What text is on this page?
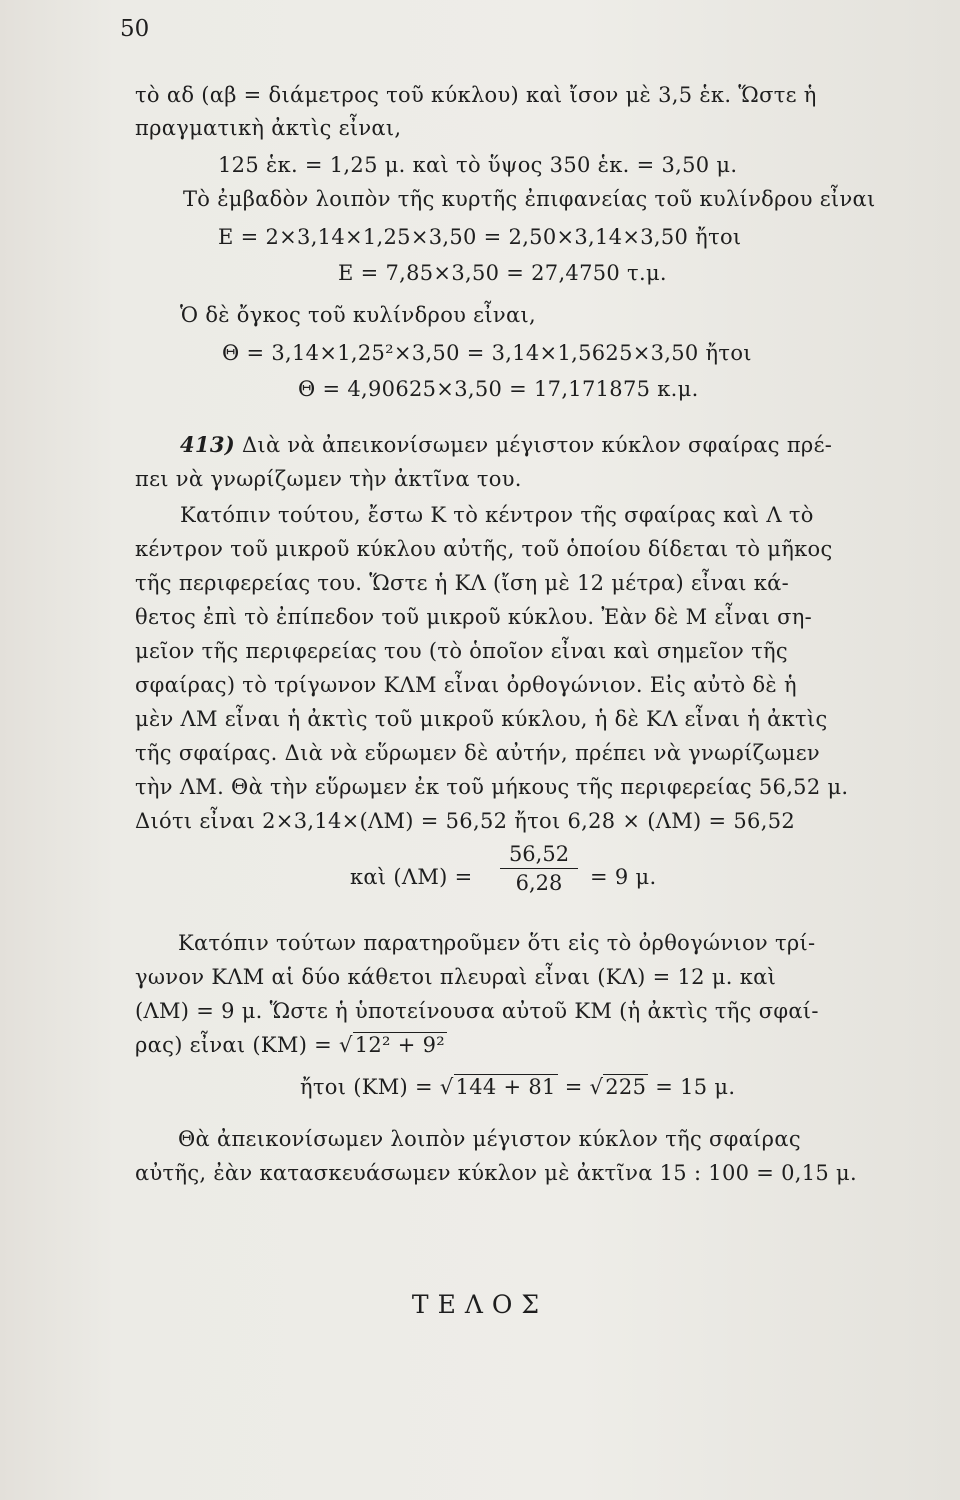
50
τὸ αδ (αβ = διάμετρος τοῦ κύκλου) καὶ ἴσον μὲ 3,5 ἑκ. Ὥστε ἡ
πραγματικὴ ἀκτὶς εἶναι,
125 ἑκ. = 1,25 μ. καὶ τὸ ὕψος 350 ἑκ. = 3,50 μ.
Τὸ ἐμβαδὸν λοιπὸν τῆς κυρτῆς ἐπιφανείας τοῦ κυλίνδρου εἶναι
Ε = 2×3,14×1,25×3,50 = 2,50×3,14×3,50 ἤτοι
Ε = 7,85×3,50 = 27,4750 τ.μ.
Ὁ δὲ ὄγκος τοῦ κυλίνδρου εἶναι,
Θ = 3,14×1,25²×3,50 = 3,14×1,5625×3,50 ἤτοι
Θ = 4,90625×3,50 = 17,171875 κ.μ.
413) Διὰ νὰ ἀπεικονίσωμεν μέγιστον κύκλον σφαίρας πρέ-
πει νὰ γνωρίζωμεν τὴν ἀκτῖνα του.
Κατόπιν τούτου, ἔστω Κ τὸ κέντρον τῆς σφαίρας καὶ Λ τὸ
κέντρον τοῦ μικροῦ κύκλου αὐτῆς, τοῦ ὁποίου δίδεται τὸ μῆκος
τῆς περιφερείας του. Ὥστε ἡ ΚΛ (ἴση μὲ 12 μέτρα) εἶναι κά-
θετος ἐπὶ τὸ ἐπίπεδον τοῦ μικροῦ κύκλου. Ἐὰν δὲ Μ εἶναι ση-
μεῖον τῆς περιφερείας του (τὸ ὁποῖον εἶναι καὶ σημεῖον τῆς
σφαίρας) τὸ τρίγωνον ΚΛΜ εἶναι ὀρθογώνιον. Εἰς αὐτὸ δὲ ἡ
μὲν ΛΜ εἶναι ἡ ἀκτὶς τοῦ μικροῦ κύκλου, ἡ δὲ ΚΛ εἶναι ἡ ἀκτὶς
τῆς σφαίρας. Διὰ νὰ εὕρωμεν δὲ αὐτήν, πρέπει νὰ γνωρίζωμεν
τὴν ΛΜ. Θὰ τὴν εὕρωμεν ἐκ τοῦ μήκους τῆς περιφερείας 56,52 μ.
Διότι εἶναι 2×3,14×(ΛΜ) = 56,52 ἤτοι 6,28 × (ΛΜ) = 56,52
καὶ (ΛΜ) =
56,52
6,28	= 9 μ.
Κατόπιν τούτων παρατηροῦμεν ὅτι εἰς τὸ ὀρθογώνιον τρί-
γωνον ΚΛΜ αἱ δύο κάθετοι πλευραὶ εἶναι (ΚΛ) = 12 μ. καὶ
(ΛΜ) = 9 μ. Ὥστε ἡ ὑποτείνουσα αὐτοῦ ΚΜ (ἡ ἀκτὶς τῆς σφαί-
ρας) εἶναι (ΚΜ) = √12² + 9²
ἤτοι (ΚΜ) = √144 + 81 = √225 = 15 μ.
Θὰ ἀπεικονίσωμεν λοιπὸν μέγιστον κύκλον τῆς σφαίρας
αὐτῆς, ἐὰν κατασκευάσωμεν κύκλον μὲ ἀκτῖνα 15 : 100 = 0,15 μ.
ΤΕΛΟΣ
